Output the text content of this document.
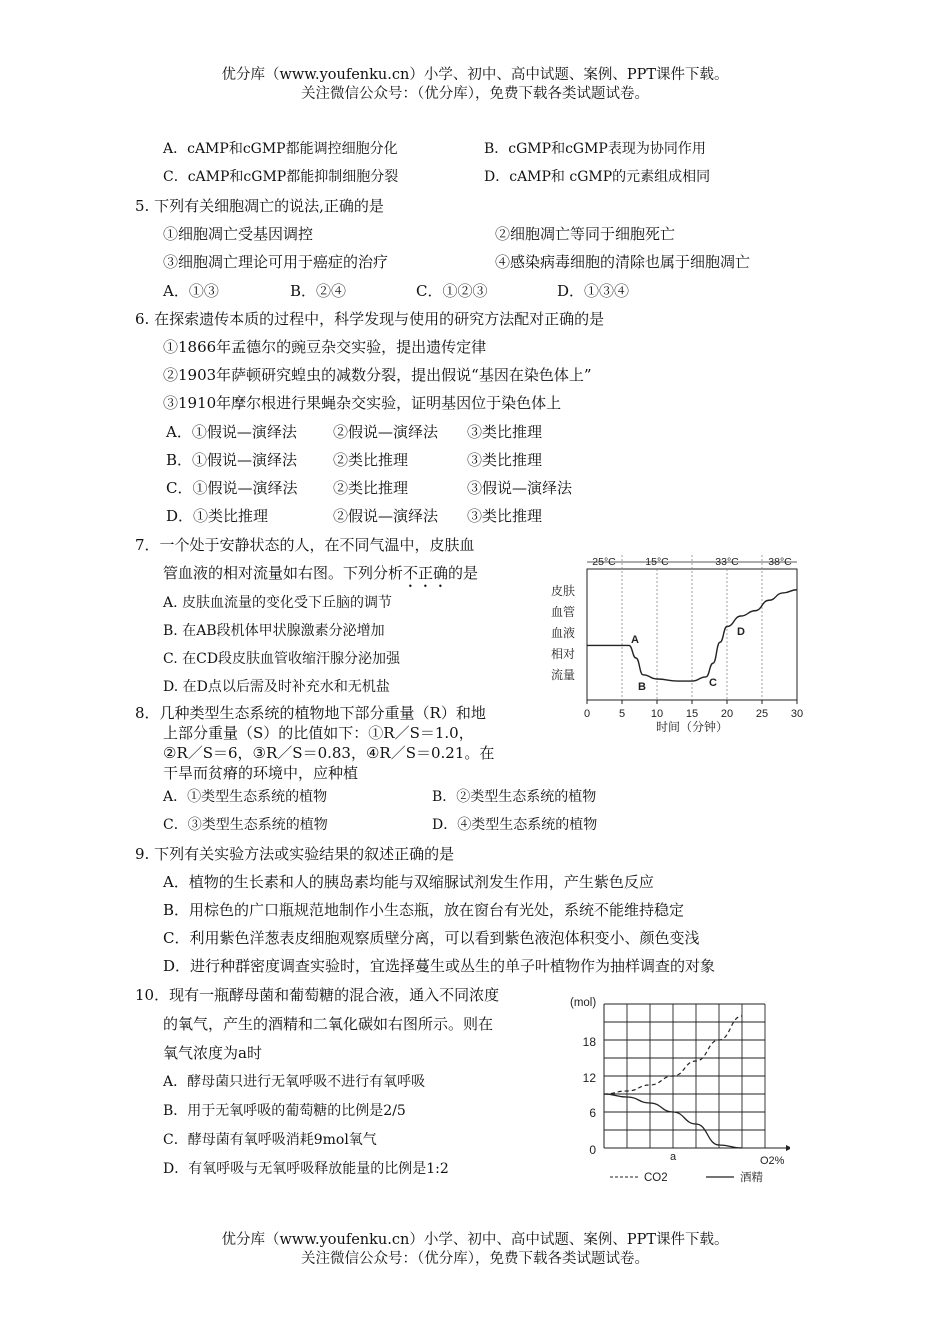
优分库（www.youfenku.cn）小学、初中、高中试题、案例、PPT课件下载。
关注微信公众号：（优分库），免费下载各类试题试卷。
A．cAMP和cGMP都能调控细胞分化	B．cGMP和cGMP表现为协同作用
C．cAMP和cGMP都能抑制细胞分裂	D．cAMP和 cGMP的元素组成相同
5. 下列有关细胞凋亡的说法,正确的是
①细胞凋亡受基因调控	②细胞凋亡等同于细胞死亡
③细胞凋亡理论可用于癌症的治疗	④感染病毒细胞的清除也属于细胞凋亡
A．①③	B．②④	C．①②③	D．①③④
6. 在探索遗传本质的过程中，科学发现与使用的研究方法配对正确的是
①1866年孟德尔的豌豆杂交实验，提出遗传定律
②1903年萨顿研究蝗虫的减数分裂，提出假说“基因在染色体上”
③1910年摩尔根进行果蝇杂交实验，证明基因位于染色体上
A．①假说—演绎法 ②假说—演绎法 ③类比推理
B．①假说—演绎法 ②类比推理	③类比推理
C．①假说—演绎法 ②类比推理	③假说—演绎法
D．①类比推理	②假说—演绎法 ③类比推理
7．一个处于安静状态的人，在不同气温中，皮肤血
管血液的相对流量如右图。下列分析不正确的是
A. 皮肤血流量的变化受下丘脑的调节
B. 在AB段机体甲状腺激素分泌增加
C. 在CD段皮肤血管收缩汗腺分泌加强
D. 在D点以后需及时补充水和无机盐
8．几种类型生态系统的植物地下部分重量（R）和地
上部分重量（S）的比值如下：①R／S＝1.0，
②R／S＝6，③R／S＝0.83，④R／S＝0.21。在
干旱而贫瘠的环境中，应种植
A．①类型生态系统的植物	B．②类型生态系统的植物
C．③类型生态系统的植物	D．④类型生态系统的植物
9. 下列有关实验方法或实验结果的叙述正确的是
A．植物的生长素和人的胰岛素均能与双缩脲试剂发生作用，产生紫色反应
B．用棕色的广口瓶规范地制作小生态瓶，放在窗台有光处，系统不能维持稳定
C．利用紫色洋葱表皮细胞观察质壁分离，可以看到紫色液泡体积变小、颜色变浅
D．进行种群密度调查实验时，宜选择蔓生或丛生的单子叶植物作为抽样调查的对象
10．现有一瓶酵母菌和葡萄糖的混合液，通入不同浓度
的氧气，产生的酒精和二氧化碳如右图所示。则在
氧气浓度为a时
A．酵母菌只进行无氧呼吸不进行有氧呼吸
B．用于无氧呼吸的葡萄糖的比例是2/5
C．酵母菌有氧呼吸消耗9mol氧气
D．有氧呼吸与无氧呼吸释放能量的比例是1:2
25°C	15°C	33°C	38°C
皮肤
血管
血液
相对
流量
0	5 10 15 20 25 30
时间（分钟）
A
B	C
D
(mol)
18
12
6
0	a	O2%
CO2	酒精
优分库（www.youfenku.cn）小学、初中、高中试题、案例、PPT课件下载。
关注微信公众号：（优分库），免费下载各类试题试卷。
